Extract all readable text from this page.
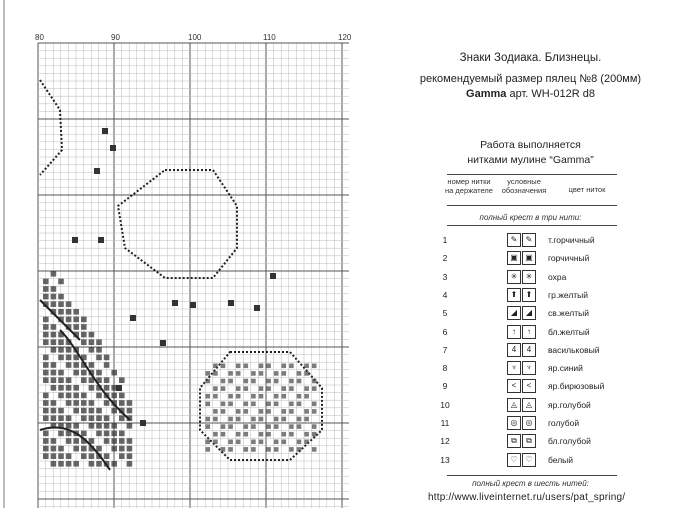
80	90	100	110	120
Знаки Зодиака. Близнецы.
рекомендуемый размер пялец №8 (200мм)
Gamma арт. WH-012R d8
Работа выполняется
нитками мулине “Gamma”
номер нитки на держателе
условные обозначения	цвет ниток
полный крест в три нити:
1	✎	✎	т.горчичный
2	▣ ▣	горчичный
3	✳	✳	охра
4	⬆	⬆	гр.желтый
5	◢	◢	св.желтый
6	↑	↑	бл.желтый
7	4	4	васильковый
8	♆	♆	яр.синий
9	<	<	яр.бирюзовый
10	◬	◬	яр.голубой
11	◎	◎	голубой
12	⧉	⧉	бл.голубой
13	♡ ♡	белый
полный крест в шесть нитей:
http://www.liveinternet.ru/users/pat_spring/
